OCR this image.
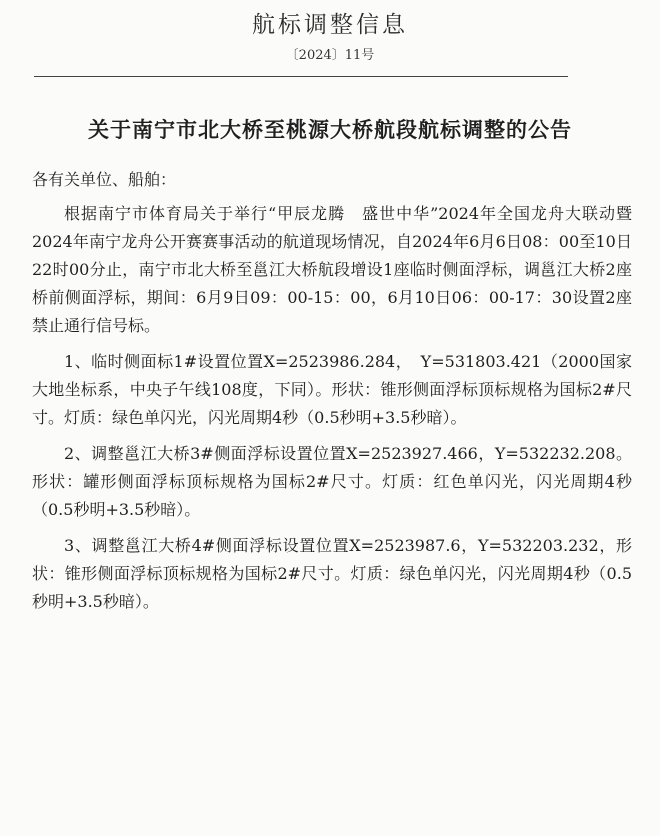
航标调整信息
〔2024〕11号
关于南宁市北大桥至桃源大桥航段航标调整的公告

各有关单位、船舶：

根据南宁市体育局关于举行“甲辰龙腾　盛世中华”2024年全国龙舟大联动暨2024年南宁龙舟公开赛赛事活动的航道现场情况，自2024年6月6日08：00至10日22时00分止，南宁市北大桥至邕江大桥航段增设1座临时侧面浮标，调邕江大桥2座桥前侧面浮标，期间：6月9日09：00-15：00，6月10日06：00-17：30设置2座禁止通行信号标。

1、临时侧面标1#设置位置X=2523986.284，　Y=531803.421（2000国家大地坐标系，中央子午线108度，下同）。形状：锥形侧面浮标顶标规格为国标2#尺寸。灯质：绿色单闪光，闪光周期4秒（0.5秒明+3.5秒暗）。

2、调整邕江大桥3#侧面浮标设置位置X=2523927.466，Y=532232.208。形状：罐形侧面浮标顶标规格为国标2#尺寸。灯质：红色单闪光，闪光周期4秒（0.5秒明+3.5秒暗）。

3、调整邕江大桥4#侧面浮标设置位置X=2523987.6，Y=532203.232，形状：锥形侧面浮标顶标规格为国标2#尺寸。灯质：绿色单闪光，闪光周期4秒（0.5秒明+3.5秒暗）。
